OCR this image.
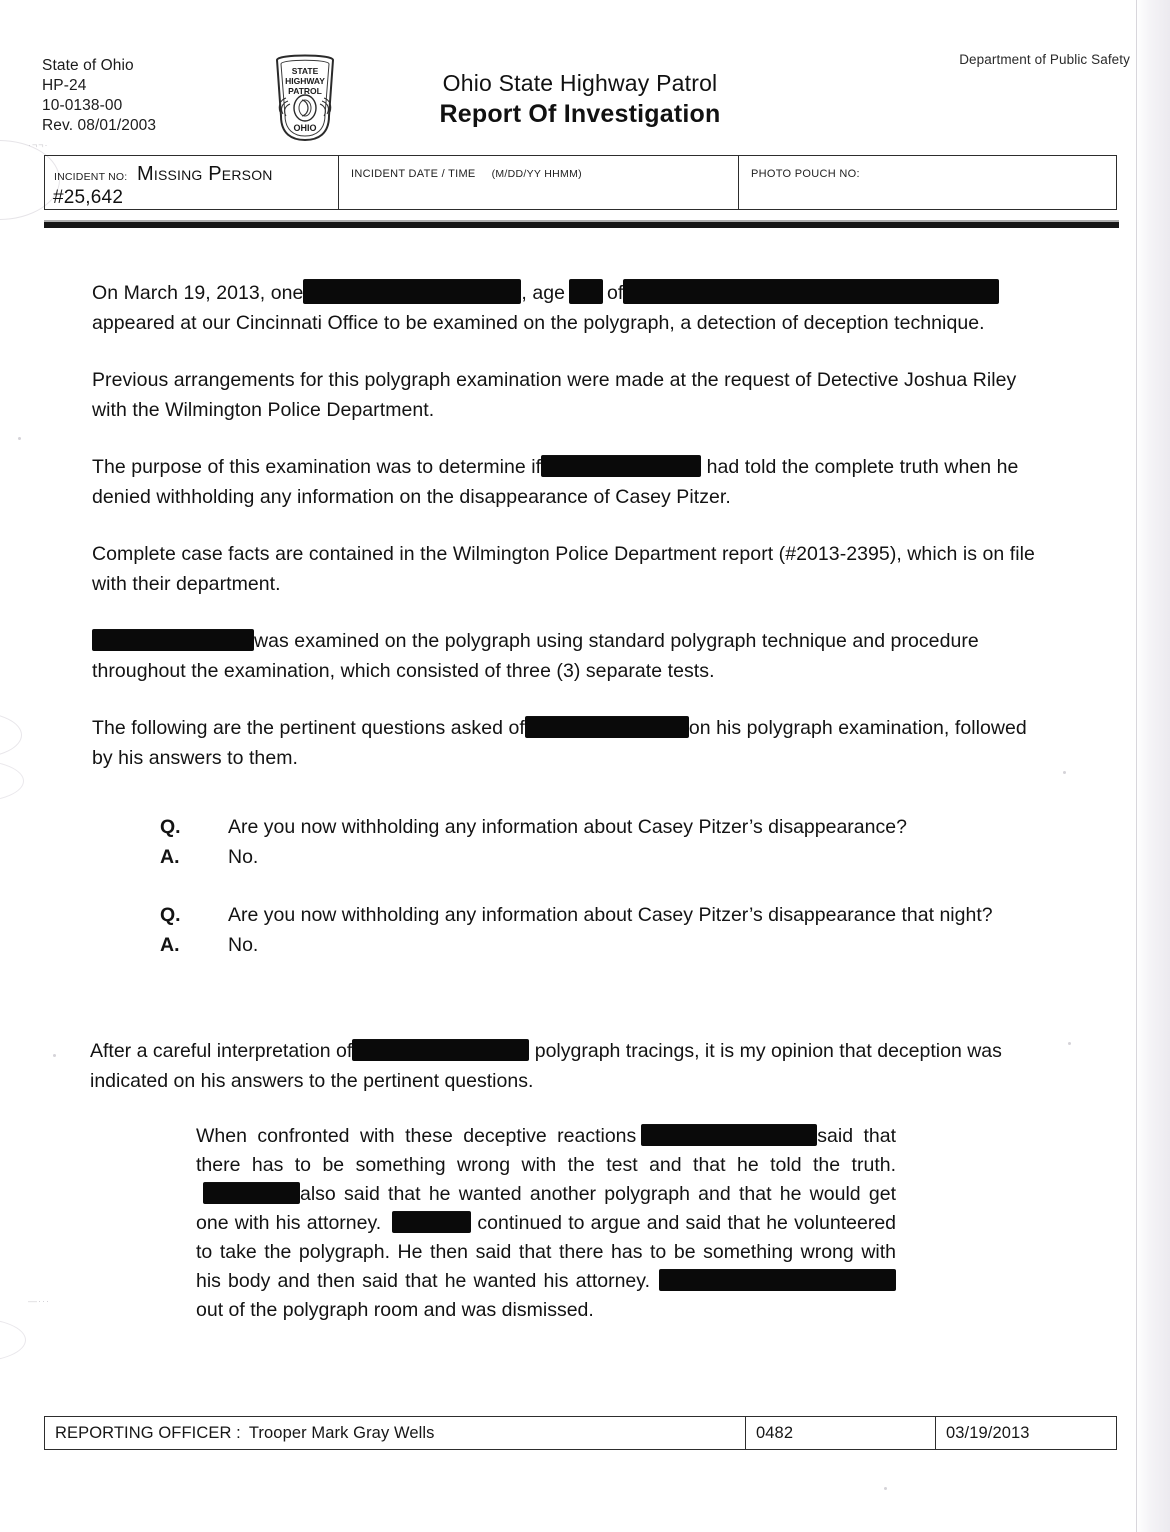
·¬¬·
—···
State of Ohio
HP-24
10-0138-00
Rev. 08/01/2003
Department of Public Safety
STATE
HIGHWAY
PATROL
OHIO
Ohio State Highway Patrol
Report Of Investigation
INCIDENT NO: Missing Person
#25,642
INCIDENT DATE / TIME (M/DD/YY HHMM)	PHOTO POUCH NO:

On March 19, 2013, one	, age of appeared at our Cincinnati Office to be examined on the polygraph, a detection of deception technique.

Previous arrangements for this polygraph examination were made at the request of Detective Joshua Riley with the Wilmington Police Department.

The purpose of this examination was to determine if	had told the complete truth when he denied withholding any information on the disappearance of Casey Pitzer.

Complete case facts are contained in the Wilmington Police Department report (#2013-2395), which is on file with their department.

was examined on the polygraph using standard polygraph technique and procedure throughout the examination, which consisted of three (3) separate tests.

The following are the pertinent questions asked of	on his polygraph examination, followed by his answers to them.

Q.	Are you now withholding any information about Casey Pitzer’s disappearance?
A.	No.
Q.	Are you now withholding any information about Casey Pitzer’s disappearance that night?
A.	No.
After a careful interpretation of	polygraph tracings, it is my opinion that deception was indicated on his answers to the pertinent questions.
When confronted with these deceptive reactions	said that there has to be something wrong with the test and that he told the truth.also said that he wanted another polygraph and that he would get one with his attorney.	continued to argue and said that he volunteered to take the polygraph. He then said that there has to be something wrong with his body and then said that he wanted his attorney.out of the polygraph room and was dismissed.
REPORTING OFFICER : Trooper Mark Gray Wells	0482	03/19/2013
